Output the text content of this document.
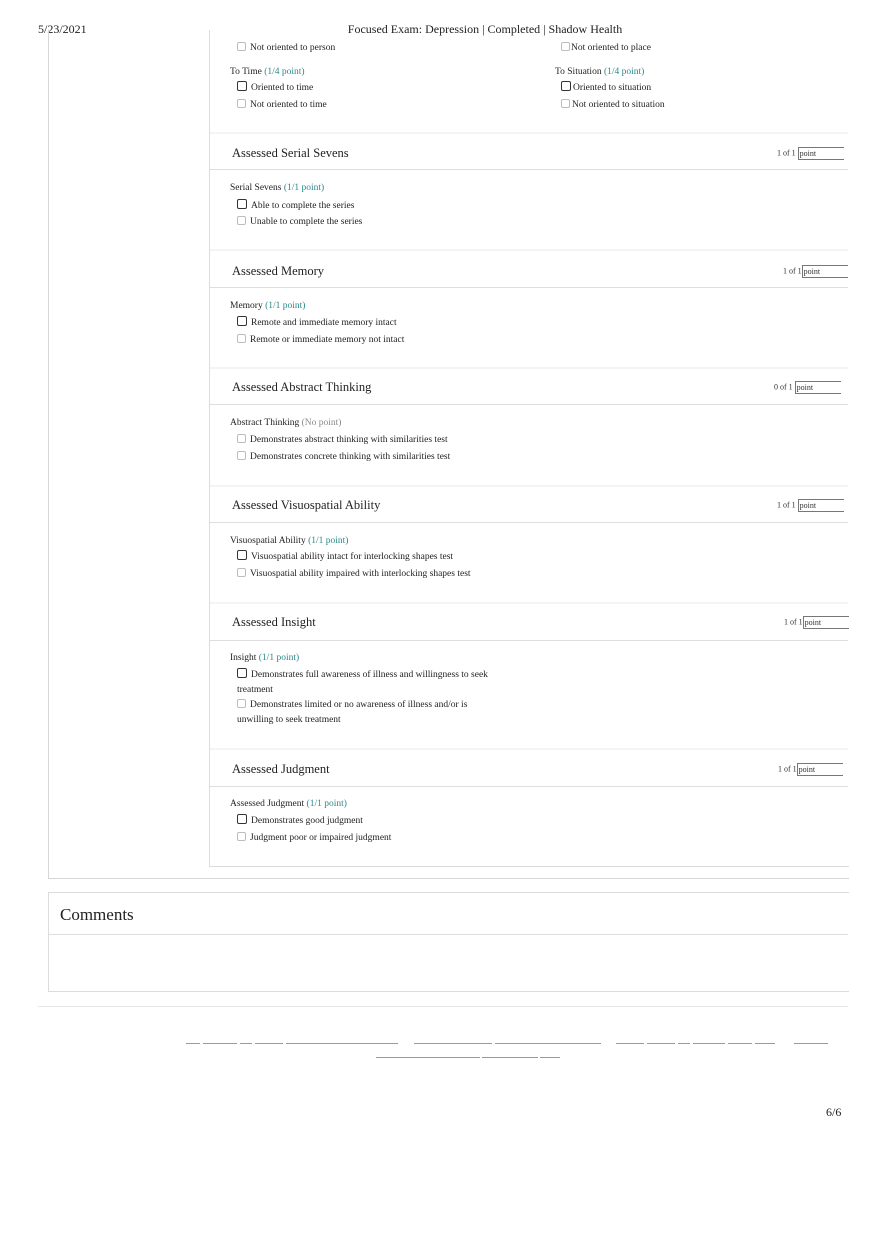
5/23/2021	Focused Exam: Depression | Completed | Shadow Health
Not oriented to person	Not oriented to place
To Time (1/4 point)
Oriented to time
Not oriented to time
To Situation (1/4 point)
Oriented to situation
Not oriented to situation
Assessed Serial Sevens	1 of 1 point
Serial Sevens (1/1 point)
Able to complete the series
Unable to complete the series
Assessed Memory	1 of 1 point
Memory (1/1 point)
Remote and immediate memory intact
Remote or immediate memory not intact
Assessed Abstract Thinking	0 of 1 point
Abstract Thinking (No point)
Demonstrates abstract thinking with similarities test
Demonstrates concrete thinking with similarities test
Assessed Visuospatial Ability	1 of 1 point
Visuospatial Ability (1/1 point)
Visuospatial ability intact for interlocking shapes test
Visuospatial ability impaired with interlocking shapes test
Assessed Insight	1 of 1 point
Insight (1/1 point)
Demonstrates full awareness of illness and willingness to seek treatment
Demonstrates limited or no awareness of illness and/or is unwilling to seek treatment
Assessed Judgment	1 of 1 point
Assessed Judgment (1/1 point)
Demonstrates good judgment
Judgment poor or impaired judgment
Comments
6/6
